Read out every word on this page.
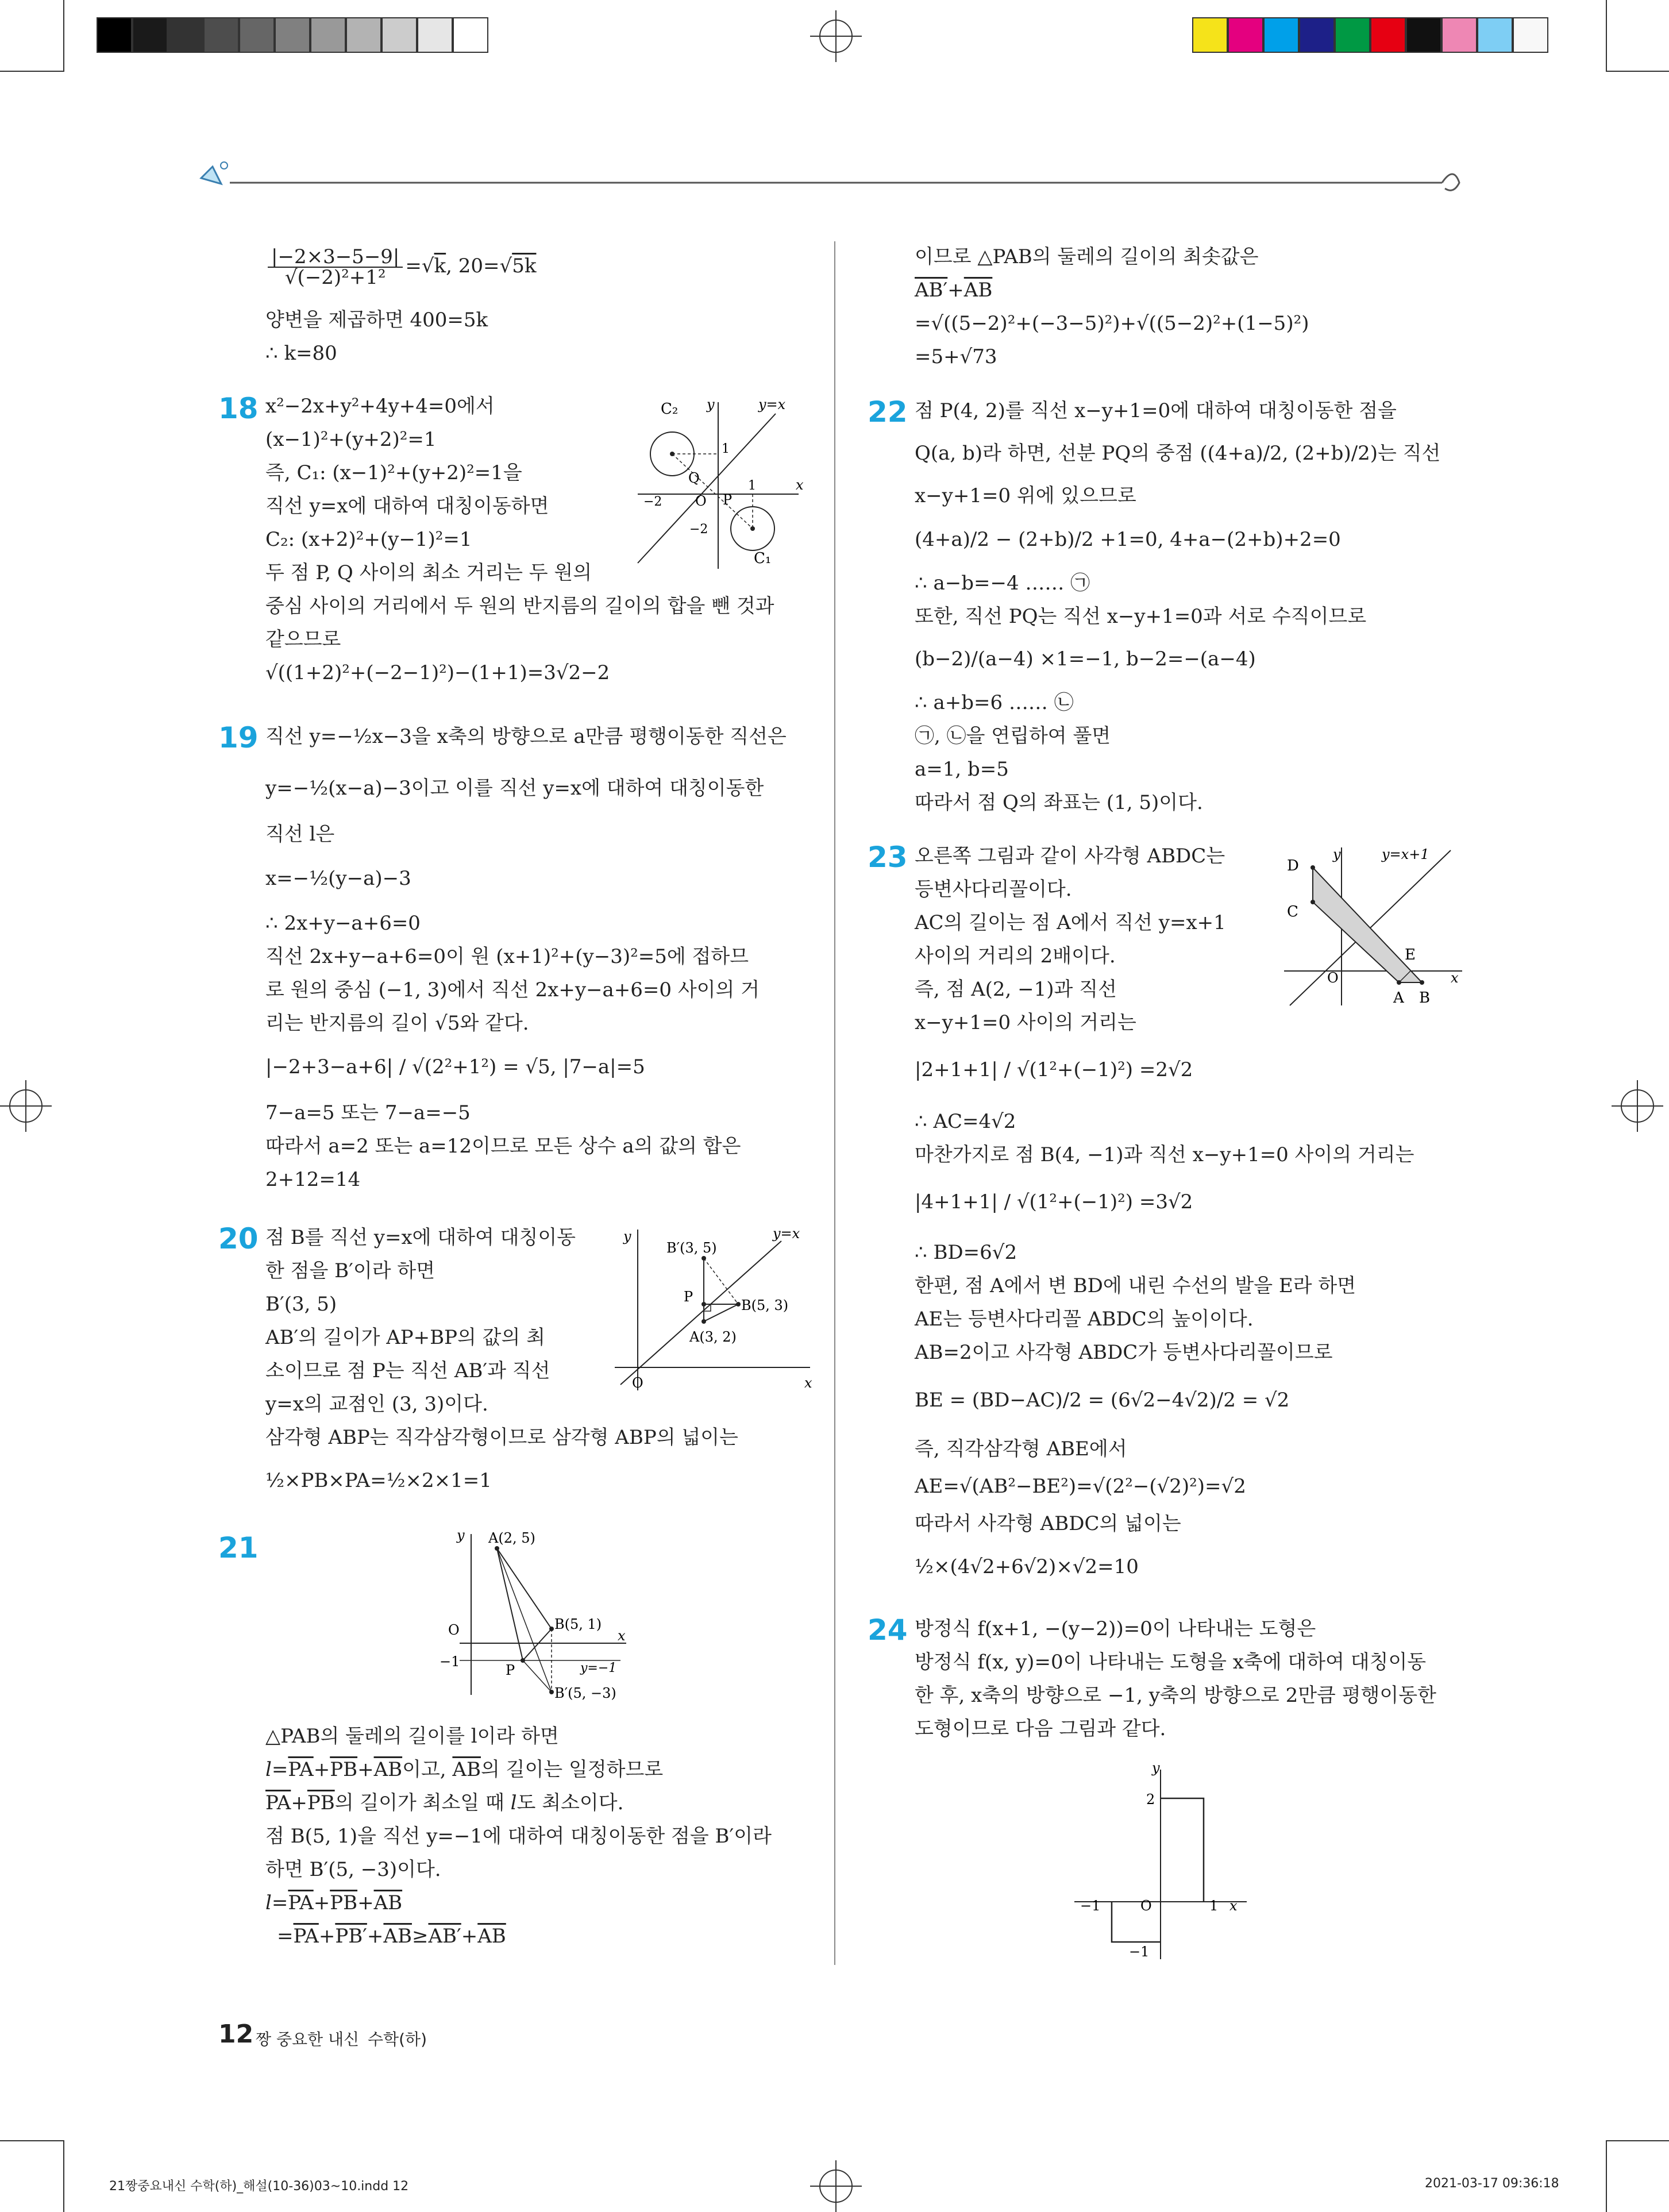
$\frac{|-2\times 3-5-9|}{\text{√(−2)²+1²}} =√k$, 20=√5k
양변을 제곱하면 400=5k
∴ k=80
18 x²−2x+y²+4y+4=0에서
(x−1)²+(y+2)²=1
즉, C₁: (x−1)²+(y+2)²=1을
직선 y=x에 대하여 대칭이동하면
C₂: (x+2)²+(y−1)²=1
두 점 P, Q 사이의 최소 거리는 두 원의
중심 사이의 거리에서 두 원의 반지름의 길이의 합을 뺀 것과
같으므로
√((1+2)²+(−2−1)²)−(1+1)=3√2−2
C₂ y	y=x
x
O
Q
P
1
−2
−2
1
C₁
19 직선 y=−½x−3을 x축의 방향으로 a만큼 평행이동한 직선은
y=−½(x−a)−3이고 이를 직선 y=x에 대하여 대칭이동한
직선 l은
x=−½(y−a)−3
∴ 2x+y−a+6=0
직선 2x+y−a+6=0이 원 (x+1)²+(y−3)²=5에 접하므
로 원의 중심 (−1, 3)에서 직선 2x+y−a+6=0 사이의 거
리는 반지름의 길이 √5와 같다.
|−2+3−a+6| / √(2²+1²) = √5, |7−a|=5
7−a=5 또는 7−a=−5
따라서 a=2 또는 a=12이므로 모든 상수 a의 값의 합은
2+12=14
20 점 B를 직선 y=x에 대하여 대칭이동
한 점을 B′이라 하면
B′(3, 5)
AB′의 길이가 AP+BP의 값의 최
소이므로 점 P는 직선 AB′과 직선
y=x의 교점인 (3, 3)이다.
삼각형 ABP는 직각삼각형이므로 삼각형 ABP의 넓이는
½×PB×PA=½×2×1=1
y	y=x
B′(3, 5)
P
B(5, 3)
A(3, 2)
O	x
21	y A(2, 5)
O	B(5, 1)
x
−1
P	y=−1
B′(5, −3)
△PAB의 둘레의 길이를 l이라 하면
$l=\overline{PA}+\overline{PB}+\overline{AB}$이고, $\overline{AB}$의 길이는 일정하므로
$\overline{PA}+\overline{PB}$의 길이가 최소일 때 l도 최소이다.
점 B(5, 1)을 직선 y=−1에 대하여 대칭이동한 점을 B′이라
하면 B′(5, −3)이다.
$l=\overline{PA}+\overline{PB}+\overline{AB}$
$=\overline{PA}+PB'+\overline{AB}\ge AB'+\overline{AB}$
이므로 △PAB의 둘레의 길이의 최솟값은
$AB'+\overline{AB}$
=√((5−2)²+(−3−5)²)+√((5−2)²+(1−5)²)
=5+√73
22 점 P(4, 2)를 직선 x−y+1=0에 대하여 대칭이동한 점을
Q(a, b)라 하면, 선분 PQ의 중점 ((4+a)/2, (2+b)/2)는 직선
x−y+1=0 위에 있으므로
(4+a)/2 − (2+b)/2 +1=0, 4+a−(2+b)+2=0
∴ a−b=−4 …… ㉠
또한, 직선 PQ는 직선 x−y+1=0과 서로 수직이므로
(b−2)/(a−4) ×1=−1, b−2=−(a−4)
∴ a+b=6 …… ㉡
㉠, ㉡을 연립하여 풀면
a=1, b=5
따라서 점 Q의 좌표는 (1, 5)이다.
23 오른쪽 그림과 같이 사각형 ABDC는
등변사다리꼴이다.
AC의 길이는 점 A에서 직선 y=x+1
사이의 거리의 2배이다.
즉, 점 A(2, −1)과 직선
x−y+1=0 사이의 거리는
|2+1+1| / √(1²+(−1)²) =2√2
∴ AC=4√2
마찬가지로 점 B(4, −1)과 직선 x−y+1=0 사이의 거리는
|4+1+1| / √(1²+(−1)²) =3√2
∴ BD=6√2
한편, 점 A에서 변 BD에 내린 수선의 발을 E라 하면
AE는 등변사다리꼴 ABDC의 높이이다.
AB=2이고 사각형 ABDC가 등변사다리꼴이므로
BE = (BD−AC)/2 = (6√2−4√2)/2 = √2
즉, 직각삼각형 ABE에서
AE=√(AB²−BE²)=√(2²−(√2)²)=√2
따라서 사각형 ABDC의 넓이는
½×(4√2+6√2)×√2=10
D
y	y=x+1
C
E
O
A B
x
24 방정식 f(x+1, −(y−2))=0이 나타내는 도형은
방정식 f(x, y)=0이 나타내는 도형을 x축에 대하여 대칭이동
한 후, x축의 방향으로 −1, y축의 방향으로 2만큼 평행이동한
도형이므로 다음 그림과 같다.
y
2
−1	O	1 x
−1
12 짱 중요한 내신 수학(하)
21짱중요내신 수학(하)_해설(10-36)03~10.indd 12	2021-03-17 09:36:18
